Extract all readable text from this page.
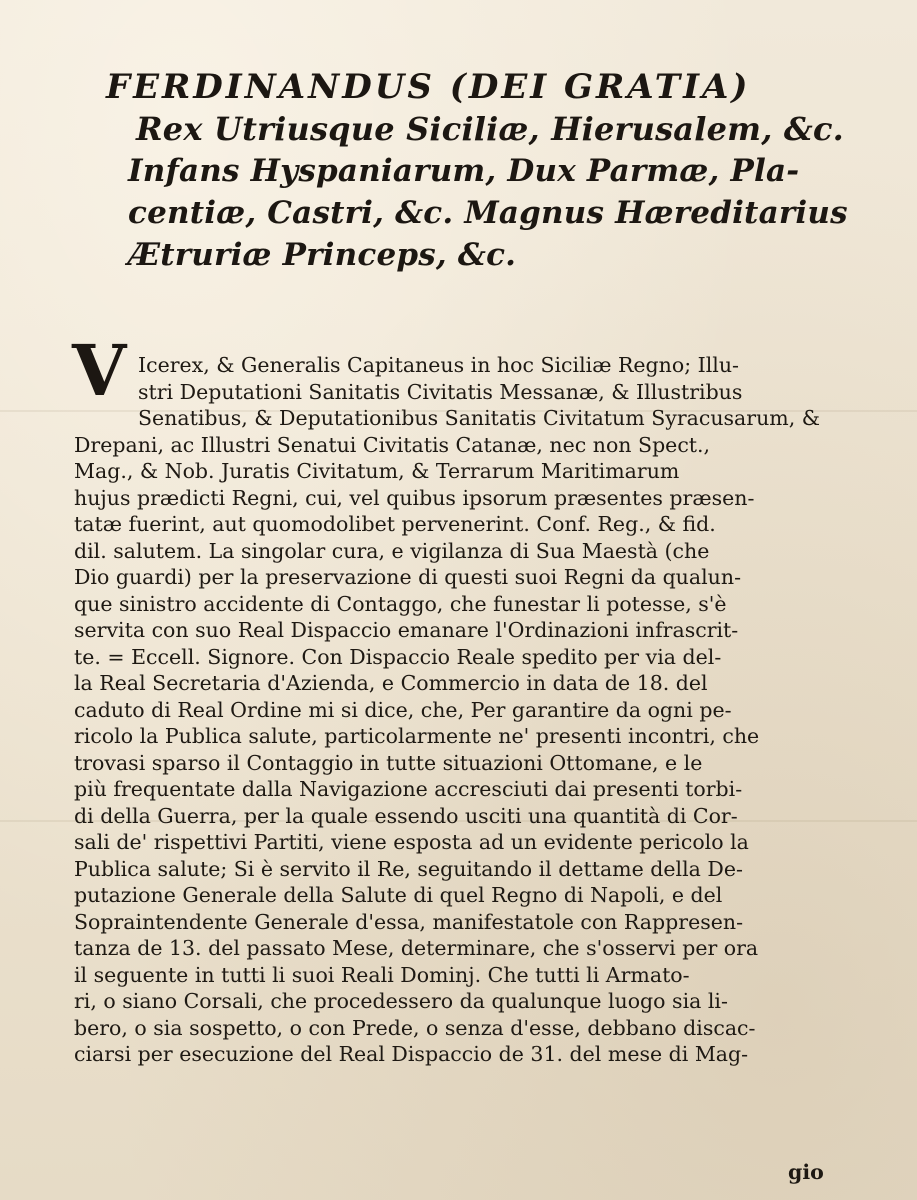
FERDINANDUS (DEI GRATIA)
Rex Utriusque Siciliæ, Hierusalem, &c.
Infans Hyspaniarum, Dux Parmæ, Pla-
centiæ, Castri, &c. Magnus Hæreditarius
Ætruriæ Princeps, &c.
V Icerex, & Generalis Capitaneus in hoc Siciliæ Regno; Illu-
stri Deputationi Sanitatis Civitatis Messanæ, & Illustribus
Senatibus, & Deputationibus Sanitatis Civitatum Syracusarum, &
Drepani, ac Illustri Senatui Civitatis Catanæ, nec non Spect.,
Mag., & Nob. Juratis Civitatum, & Terrarum Maritimarum
hujus prædicti Regni, cui, vel quibus ipsorum præsentes præsen-
tatæ fuerint, aut quomodolibet pervenerint. Conf. Reg., & fid.
dil. salutem. La singolar cura, e vigilanza di Sua Maestà (che
Dio guardi) per la preservazione di questi suoi Regni da qualun-
que sinistro accidente di Contaggo, che funestar li potesse, s'è
servita con suo Real Dispaccio emanare l'Ordinazioni infrascrit-
te. = Eccell. Signore. Con Dispaccio Reale spedito per via del-
la Real Secretaria d'Azienda, e Commercio in data de 18. del
caduto di Real Ordine mi si dice, che, Per garantire da ogni pe-
ricolo la Publica salute, particolarmente ne' presenti incontri, che
trovasi sparso il Contaggio in tutte situazioni Ottomane, e le
più frequentate dalla Navigazione accresciuti dai presenti torbi-
di della Guerra, per la quale essendo usciti una quantità di Cor-
sali de' rispettivi Partiti, viene esposta ad un evidente pericolo la
Publica salute; Si è servito il Re, seguitando il dettame della De-
putazione Generale della Salute di quel Regno di Napoli, e del
Sopraintendente Generale d'essa, manifestatole con Rappresen-
tanza de 13. del passato Mese, determinare, che s'osservi per ora
il seguente in tutti li suoi Reali Dominj. Che tutti li Armato-
ri, o siano Corsali, che procedessero da qualunque luogo sia li-
bero, o sia sospetto, o con Prede, o senza d'esse, debbano discac-
ciarsi per esecuzione del Real Dispaccio de 31. del mese di Mag-
gio
